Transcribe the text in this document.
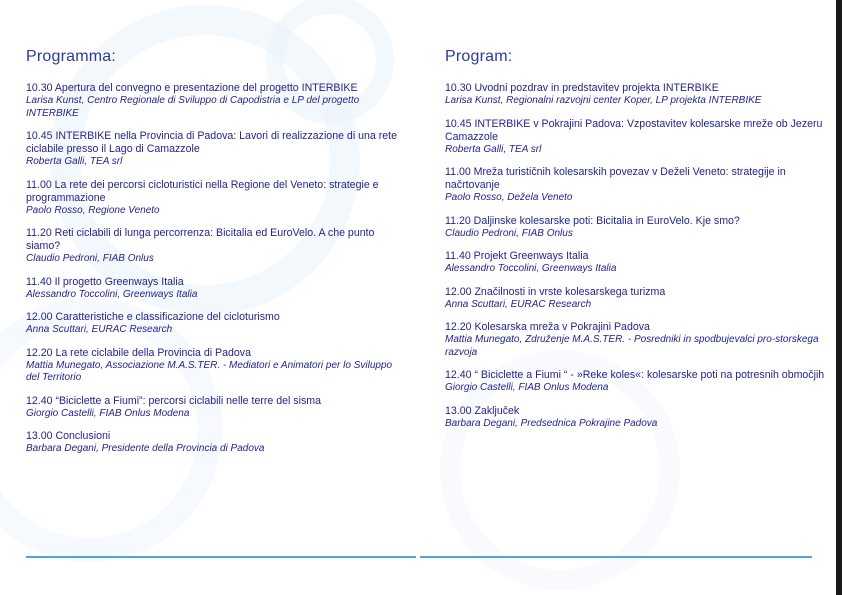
Programma:

10.30 Apertura del convegno e presentazione del progetto INTERBIKE

Larisa Kunst, Centro Regionale di Sviluppo di Capodistria e LP del progetto INTERBIKE

10.45 INTERBIKE nella Provincia di Padova: Lavori di realizzazione di una rete ciclabile presso il Lago di Camazzole

Roberta Galli, TEA srl

11.00 La rete dei percorsi cicloturistici nella Regione del Veneto: strategie e programmazione

Paolo Rosso, Regione Veneto

11.20 Reti ciclabili di lunga percorrenza: Bicitalia ed EuroVelo. A che punto siamo?

Claudio Pedroni, FIAB Onlus

11.40 Il progetto Greenways Italia

Alessandro Toccolini, Greenways Italia

12.00 Caratteristiche e classificazione del cicloturismo

Anna Scuttari, EURAC Research

12.20 La rete ciclabile della Provincia di Padova

Mattia Munegato, Associazione M.A.S.TER. - Mediatori e Animatori per lo Sviluppo del Territorio

12.40 “Biciclette a Fiumi”: percorsi ciclabili nelle terre del sisma

Giorgio Castelli, FIAB Onlus Modena

13.00 Conclusioni

Barbara Degani, Presidente della Provincia di Padova

Program:

10.30 Uvodni pozdrav in predstavitev projekta INTERBIKE

Larisa Kunst, Regionalni razvojni center Koper, LP projekta INTERBIKE

10.45 INTERBIKE v Pokrajini Padova: Vzpostavitev kolesarske mreže ob Jezeru Camazzole

Roberta Galli, TEA srl

11.00 Mreža turističnih kolesarskih povezav v Deželi Veneto: strategije in načrtovanje

Paolo Rosso, Dežela Veneto

11.20 Daljinske kolesarske poti: Bicitalia in EuroVelo. Kje smo?

Claudio Pedroni, FIAB Onlus

11.40 Projekt Greenways Italia

Alessandro Toccolini, Greenways Italia

12.00 Značilnosti in vrste kolesarskega turizma

Anna Scuttari, EURAC Research

12.20 Kolesarska mreža v Pokrajini Padova

Mattia Munegato, Združenje M.A.S.TER. - Posredniki in spodbujevalci pro-storskega razvoja

12.40 “ Biciclette a Fiumi “ - »Reke koles«: kolesarske poti na potresnih območjih

Giorgio Castelli, FIAB Onlus Modena

13.00 Zaključek

Barbara Degani, Predsednica Pokrajine Padova
